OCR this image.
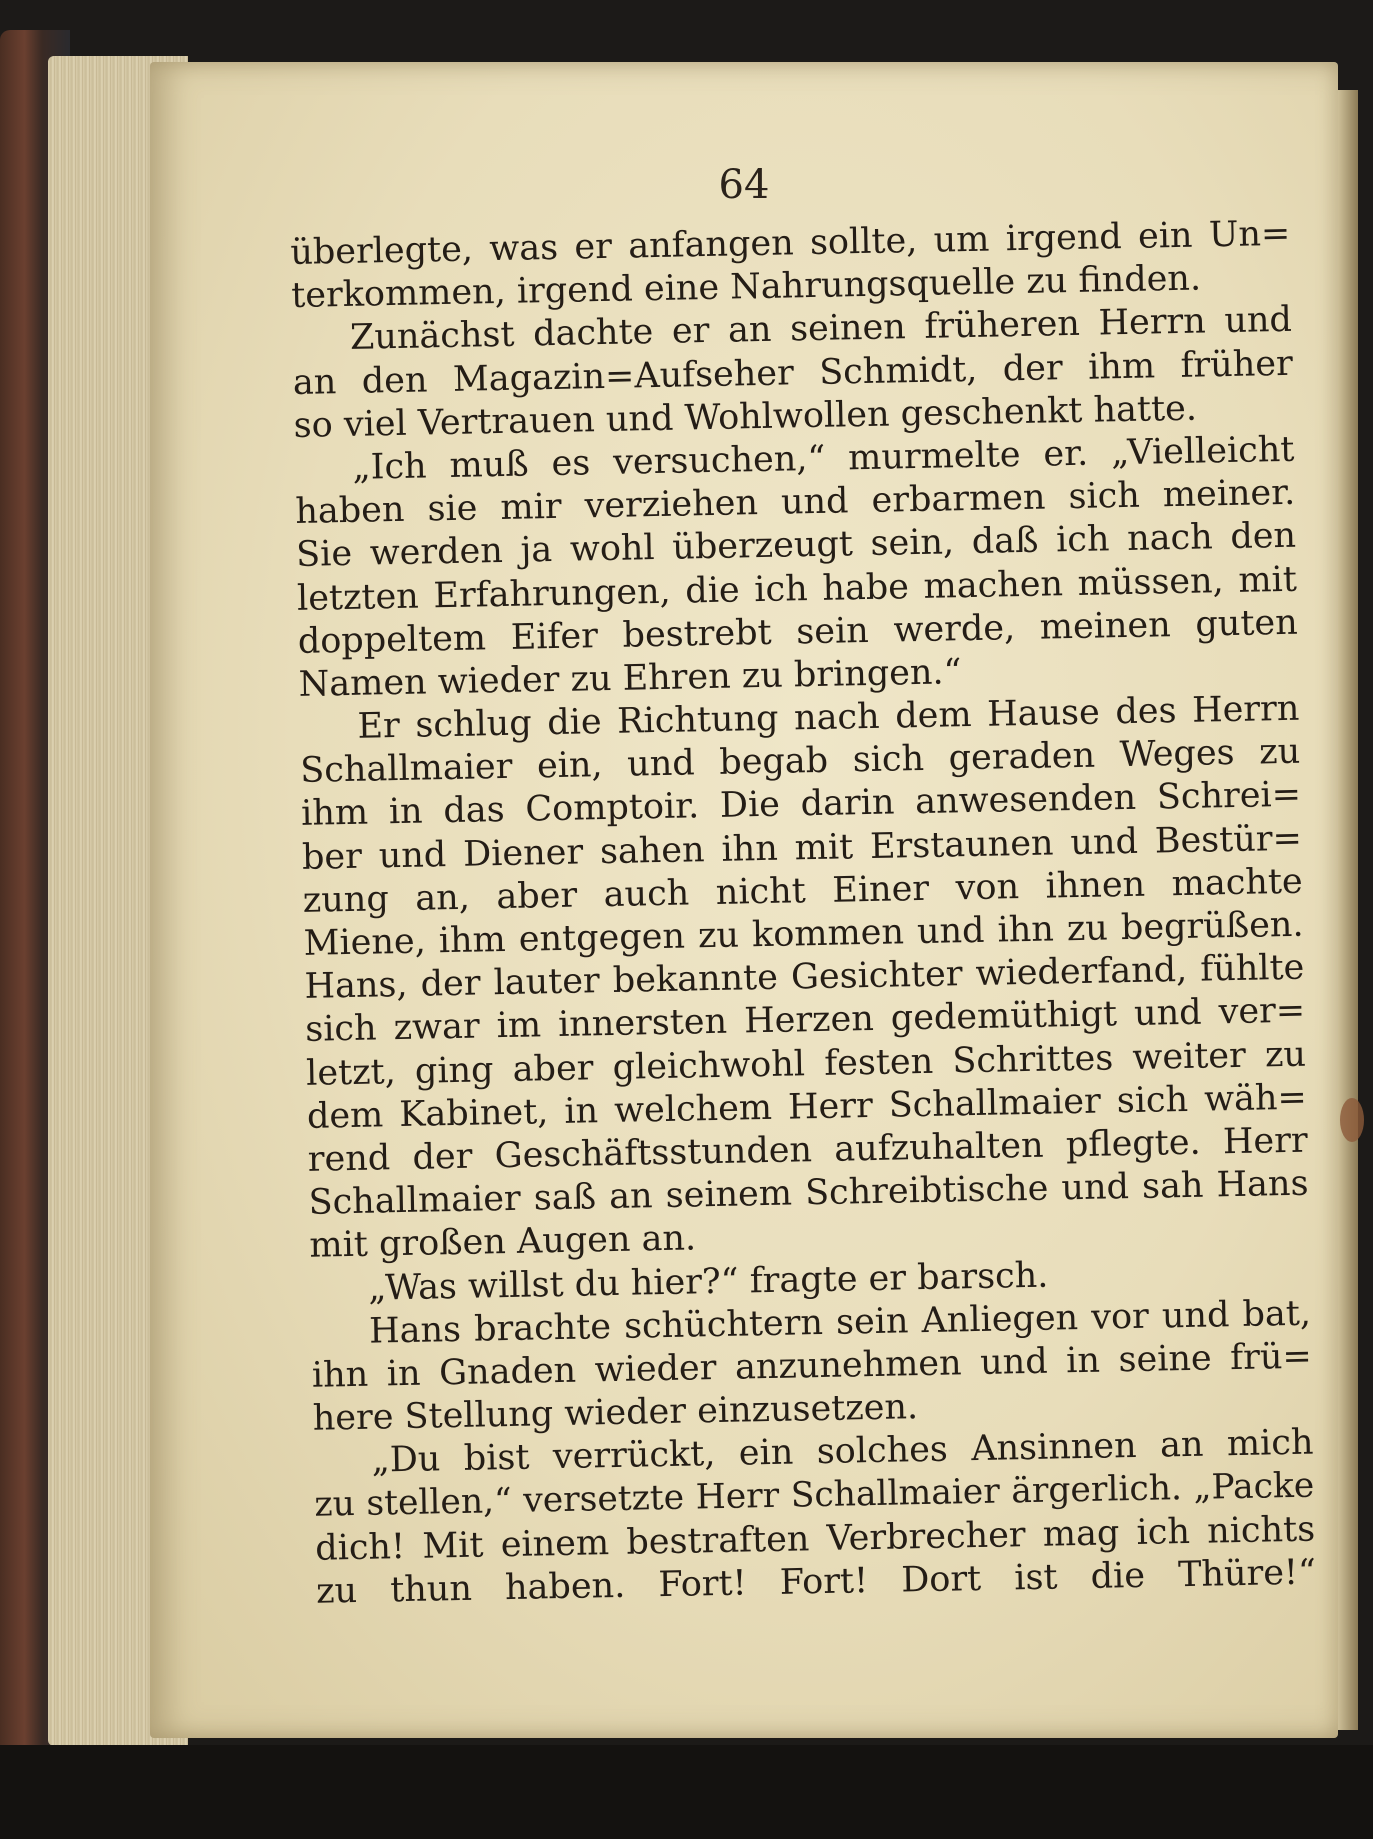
64
überlegte, was er anfangen sollte, um irgend ein Un=
terkommen, irgend eine Nahrungsquelle zu finden.
Zunächst dachte er an seinen früheren Herrn und
an den Magazin=Aufseher Schmidt, der ihm früher
so viel Vertrauen und Wohlwollen geschenkt hatte.
„Ich muß es versuchen,“ murmelte er. „Vielleicht
haben sie mir verziehen und erbarmen sich meiner.
Sie werden ja wohl überzeugt sein, daß ich nach den
letzten Erfahrungen, die ich habe machen müssen, mit
doppeltem Eifer bestrebt sein werde, meinen guten
Namen wieder zu Ehren zu bringen.“
Er schlug die Richtung nach dem Hause des Herrn
Schallmaier ein, und begab sich geraden Weges zu
ihm in das Comptoir. Die darin anwesenden Schrei=
ber und Diener sahen ihn mit Erstaunen und Bestür=
zung an, aber auch nicht Einer von ihnen machte
Miene, ihm entgegen zu kommen und ihn zu begrüßen.
Hans, der lauter bekannte Gesichter wiederfand, fühlte
sich zwar im innersten Herzen gedemüthigt und ver=
letzt, ging aber gleichwohl festen Schrittes weiter zu
dem Kabinet, in welchem Herr Schallmaier sich wäh=
rend der Geschäftsstunden aufzuhalten pflegte. Herr
Schallmaier saß an seinem Schreibtische und sah Hans
mit großen Augen an.
„Was willst du hier?“ fragte er barsch.
Hans brachte schüchtern sein Anliegen vor und bat,
ihn in Gnaden wieder anzunehmen und in seine frü=
here Stellung wieder einzusetzen.
„Du bist verrückt, ein solches Ansinnen an mich
zu stellen,“ versetzte Herr Schallmaier ärgerlich. „Packe
dich! Mit einem bestraften Verbrecher mag ich nichts
zu thun haben. Fort! Fort! Dort ist die Thüre!“
